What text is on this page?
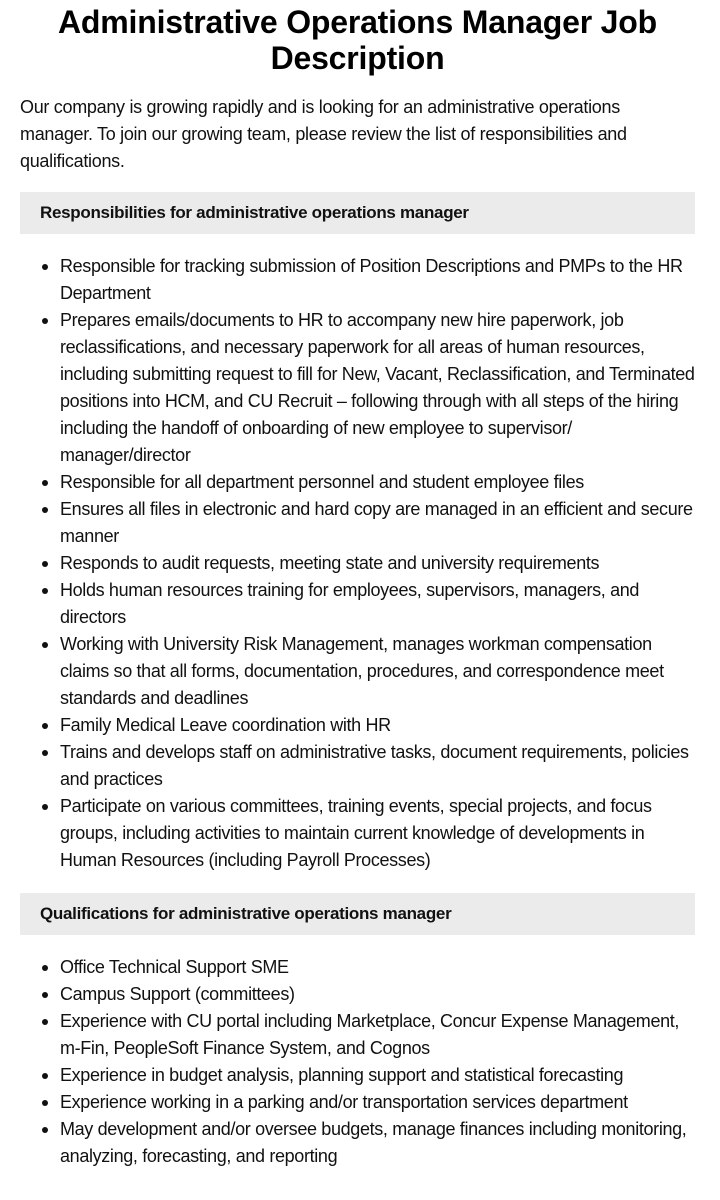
Administrative Operations Manager Job Description

Our company is growing rapidly and is looking for an administrative operations manager. To join our growing team, please review the list of responsibilities and qualifications.

Responsibilities for administrative operations manager
Responsible for tracking submission of Position Descriptions and PMPs to the HR Department
Prepares emails/documents to HR to accompany new hire paperwork, job reclassifications, and necessary paperwork for all areas of human resources, including submitting request to fill for New, Vacant, Reclassification, and Terminated positions into HCM, and CU Recruit – following through with all steps of the hiring including the handoff of onboarding of new employee to supervisor/ manager/director
Responsible for all department personnel and student employee files
Ensures all files in electronic and hard copy are managed in an efficient and secure manner
Responds to audit requests, meeting state and university requirements
Holds human resources training for employees, supervisors, managers, and directors
Working with University Risk Management, manages workman compensation claims so that all forms, documentation, procedures, and correspondence meet standards and deadlines
Family Medical Leave coordination with HR
Trains and develops staff on administrative tasks, document requirements, policies and practices
Participate on various committees, training events, special projects, and focus groups, including activities to maintain current knowledge of developments in Human Resources (including Payroll Processes)
Qualifications for administrative operations manager
Office Technical Support SME
Campus Support (committees)
Experience with CU portal including Marketplace, Concur Expense Management, m-Fin, PeopleSoft Finance System, and Cognos
Experience in budget analysis, planning support and statistical forecasting
Experience working in a parking and/or transportation services department
May development and/or oversee budgets, manage finances including monitoring, analyzing, forecasting, and reporting
